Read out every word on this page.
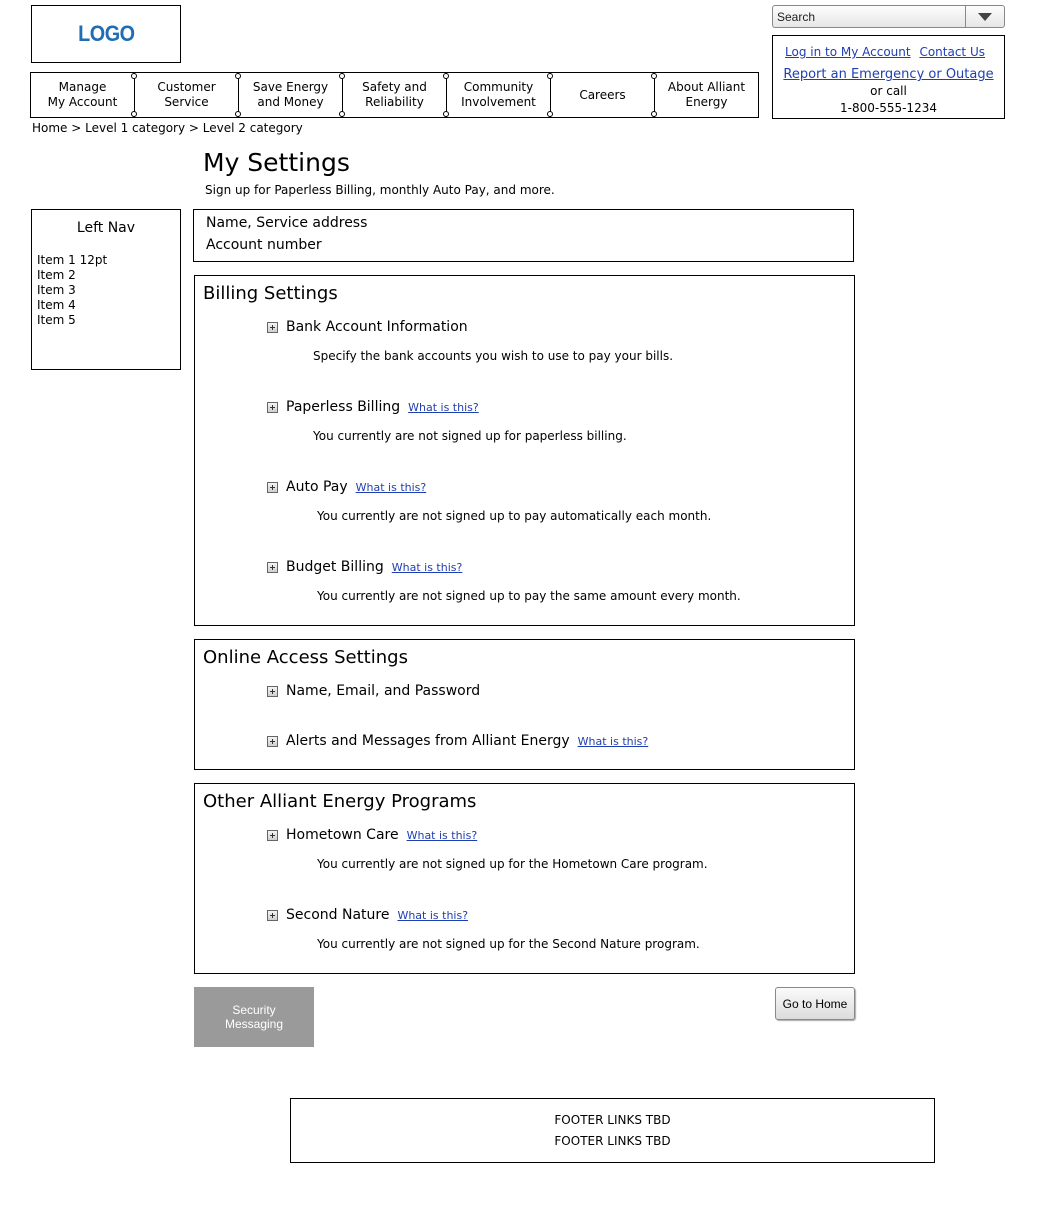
LOGO
Search
Log in to My Account Contact Us
Report an Emergency or Outage
or call
1-800-555-1234
Manage
My Account
Customer
Service
Save Energy
and Money
Safety and
Reliability
Community
Involvement
Careers
About Alliant
Energy
Home > Level 1 category > Level 2 category
My Settings
Sign up for Paperless Billing, monthly Auto Pay, and more.
Left Nav
Item 1 12pt
Item 2
Item 3
Item 4
Item 5
Name, Service address
Account number
Billing Settings
Bank Account Information
Specify the bank accounts you wish to use to pay your bills.
Paperless Billing What is this?
You currently are not signed up for paperless billing.
Auto Pay What is this?
You currently are not signed up to pay automatically each month.
Budget Billing What is this?
You currently are not signed up to pay the same amount every month.
Online Access Settings
Name, Email, and Password
Alerts and Messages from Alliant Energy What is this?
Other Alliant Energy Programs
Hometown Care What is this?
You currently are not signed up for the Hometown Care program.
Second Nature What is this?
You currently are not signed up for the Second Nature program.
Security
Messaging
Go to Home
FOOTER LINKS TBD
FOOTER LINKS TBD
